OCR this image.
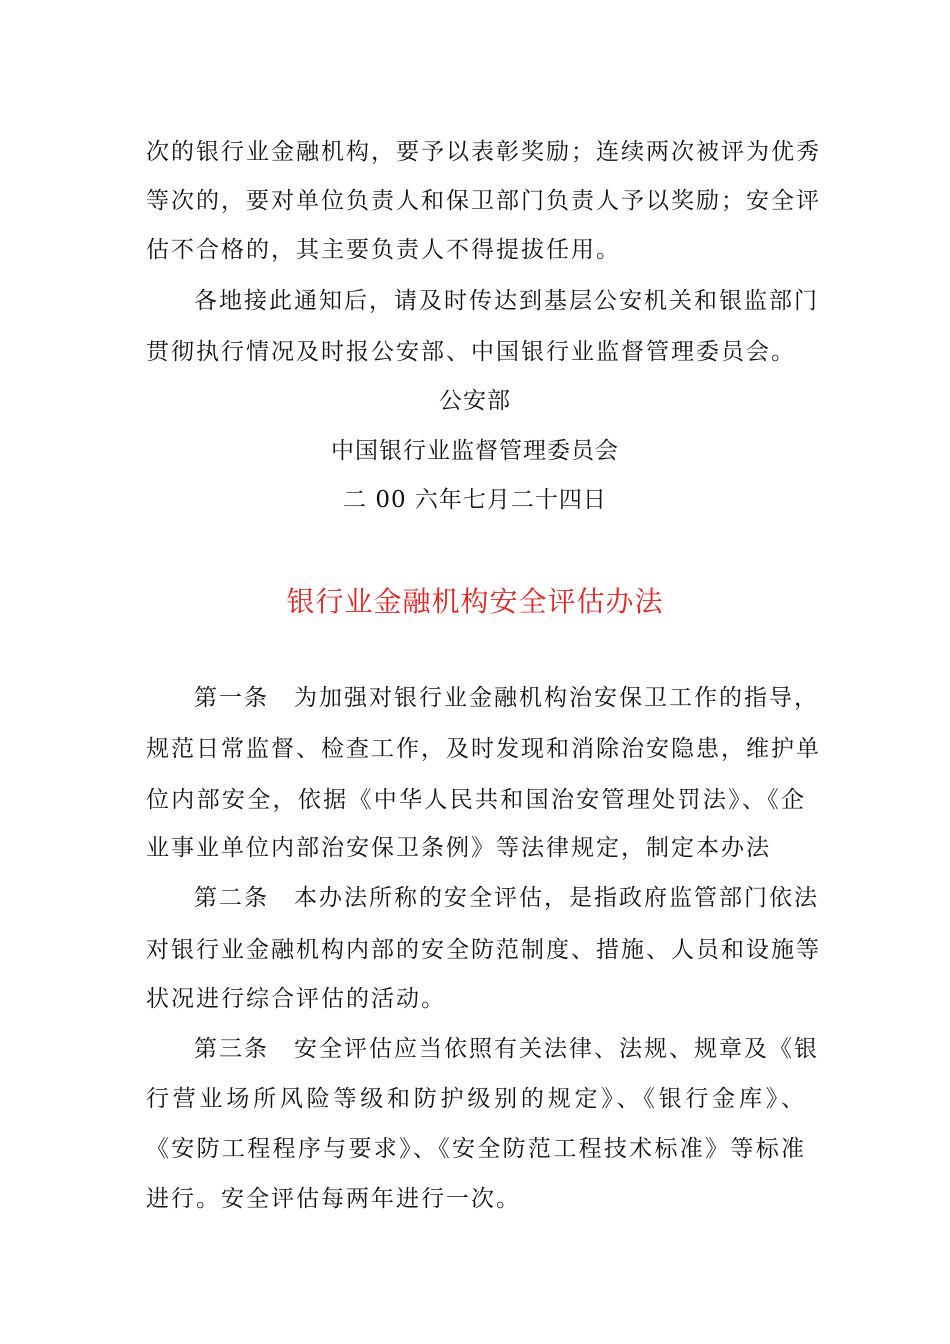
次的银行业金融机构，要予以表彰奖励；连续两次被评为优秀
等次的，要对单位负责人和保卫部门负责人予以奖励；安全评
估不合格的，其主要负责人不得提拔任用。
各地接此通知后，请及时传达到基层公安机关和银监部门
贯彻执行情况及时报公安部、中国银行业监督管理委员会。
公安部
中国银行业监督管理委员会
二 00 六年七月二十四日
银行业金融机构安全评估办法
第一条　为加强对银行业金融机构治安保卫工作的指导，
规范日常监督、检查工作，及时发现和消除治安隐患，维护单
位内部安全，依据《中华人民共和国治安管理处罚法》、《企
业事业单位内部治安保卫条例》等法律规定，制定本办法
第二条　本办法所称的安全评估，是指政府监管部门依法
对银行业金融机构内部的安全防范制度、措施、人员和设施等
状况进行综合评估的活动。
第三条　安全评估应当依照有关法律、法规、规章及《银
行营业场所风险等级和防护级别的规定》、《银行金库》、
《安防工程程序与要求》、《安全防范工程技术标准》等标准
进行。安全评估每两年进行一次。
